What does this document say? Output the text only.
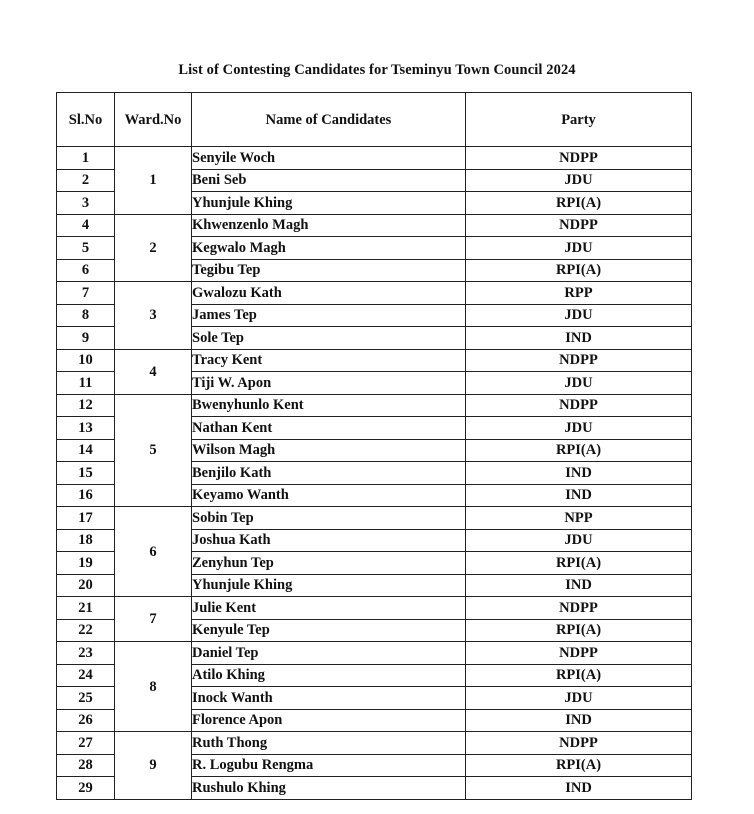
List of Contesting Candidates for Tseminyu Town Council 2024
Sl.No	Ward.No	Name of Candidates	Party
1	1	Senyile Woch	NDPP
2		Beni Seb	JDU
3		Yhunjule Khing	RPI(A)
4	2	Khwenzenlo Magh	NDPP
5		Kegwalo Magh	JDU
6		Tegibu Tep	RPI(A)
7	3	Gwalozu Kath	RPP
8		James Tep	JDU
9		Sole Tep	IND
10	4	Tracy Kent	NDPP
11		Tiji W. Apon	JDU
12	5	Bwenyhunlo Kent	NDPP
13		Nathan Kent	JDU
14		Wilson Magh	RPI(A)
15		Benjilo Kath	IND
16		Keyamo Wanth	IND
17	6	Sobin Tep	NPP
18		Joshua Kath	JDU
19		Zenyhun Tep	RPI(A)
20		Yhunjule Khing	IND
21	7	Julie Kent	NDPP
22		Kenyule Tep	RPI(A)
23	8	Daniel Tep	NDPP
24		Atilo Khing	RPI(A)
25		Inock Wanth	JDU
26		Florence Apon	IND
27	9	Ruth Thong	NDPP
28		R. Logubu Rengma	RPI(A)
29		Rushulo Khing	IND
